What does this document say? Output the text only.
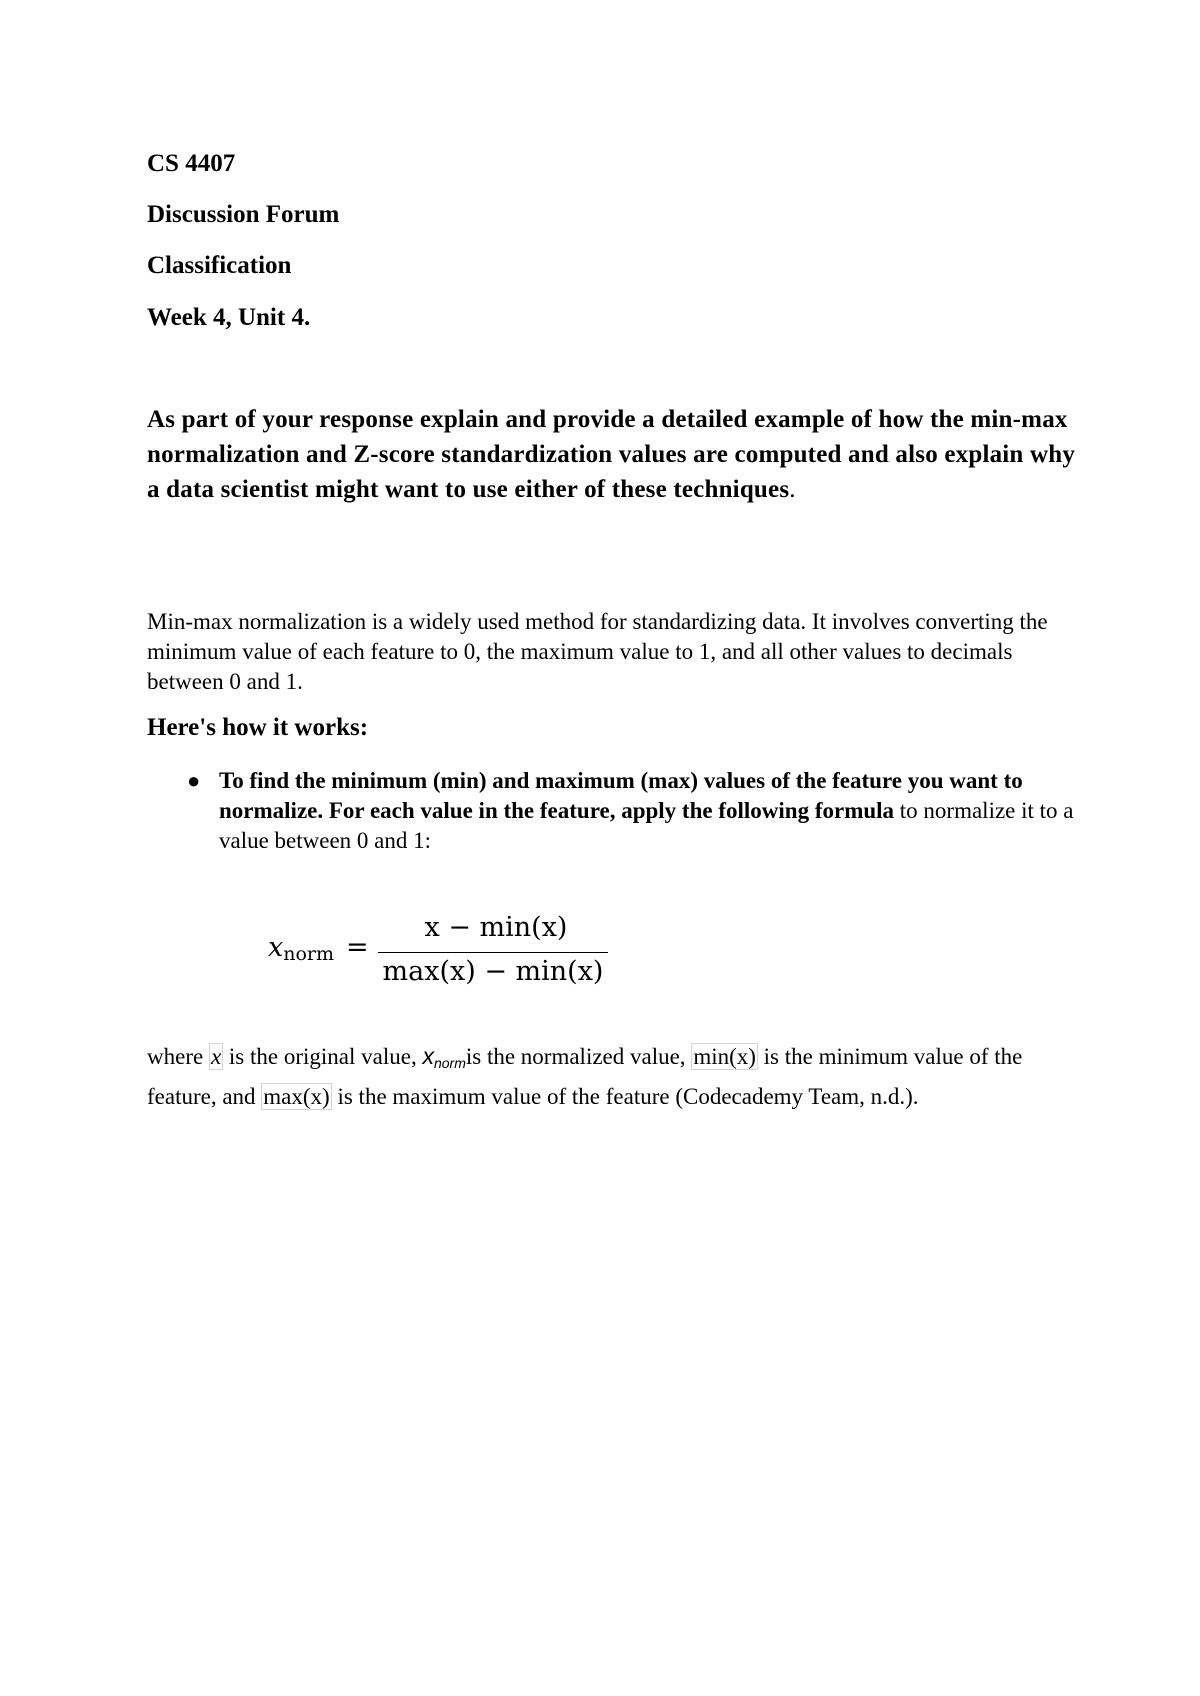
CS 4407

Discussion Forum

Classification

Week 4, Unit 4.

As part of your response explain and provide a detailed example of how the min-max normalization and Z-score standardization values are computed and also explain why a data scientist might want to use either of these techniques.

Min-max normalization is a widely used method for standardizing data. It involves converting the minimum value of each feature to 0, the maximum value to 1, and all other values to decimals between 0 and 1.

Here's how it works:

● To find the minimum (min) and maximum (max) values of the feature you want to normalize. For each value in the feature, apply the following formula to normalize it to a value between 0 and 1:
$x_{norm}$ =
x − min(x)
max(x) − min(x)

where x is the original value, $x_{norm}is$ the normalized value, min(x) is the minimum value of the feature, and max(x) is the maximum value of the feature (Codecademy Team, n.d.).
